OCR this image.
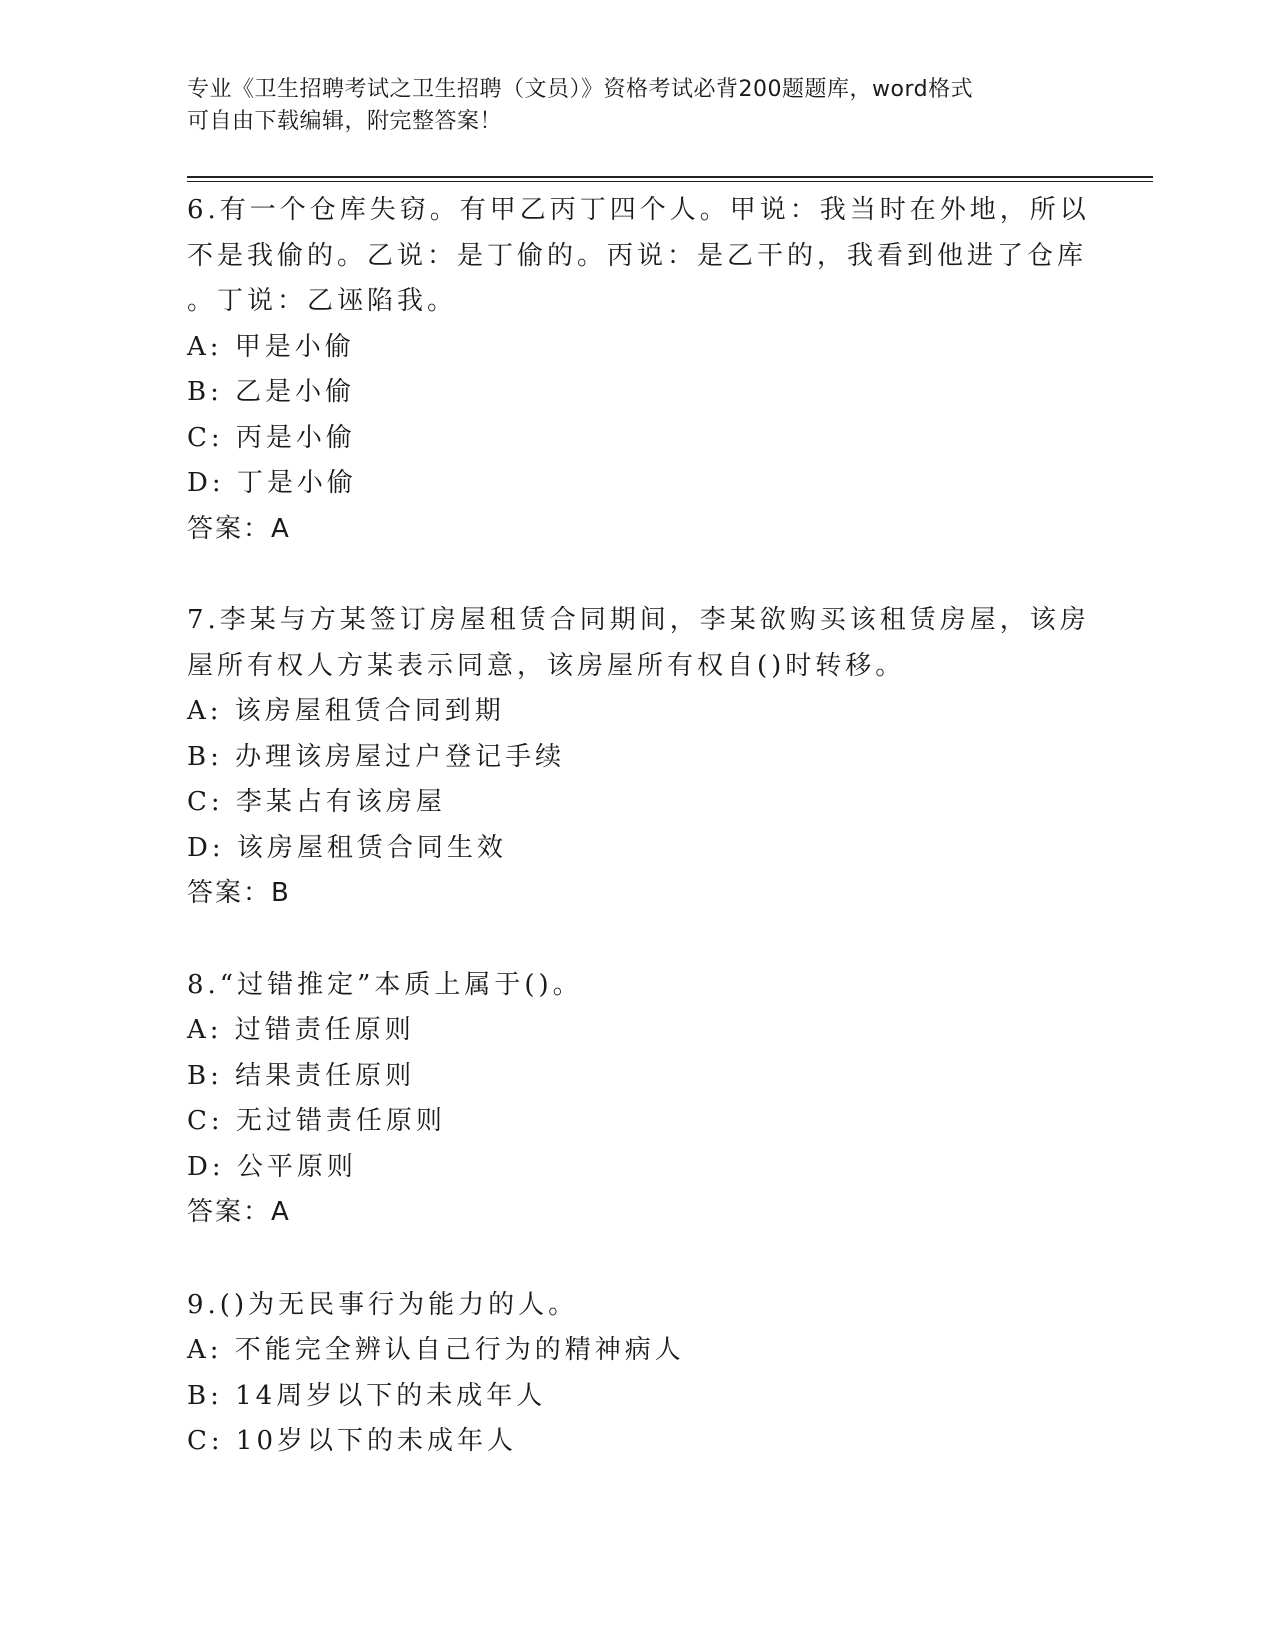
专业《卫生招聘考试之卫生招聘（文员）》资格考试必背200题题库，word格式
可自由下载编辑，附完整答案！
6.有一个仓库失窃。有甲乙丙丁四个人。甲说：我当时在外地，所以
不是我偷的。乙说：是丁偷的。丙说：是乙干的，我看到他进了仓库
。丁说：乙诬陷我。
A: 甲是小偷
B: 乙是小偷
C: 丙是小偷
D: 丁是小偷
答案：A
7.李某与方某签订房屋租赁合同期间，李某欲购买该租赁房屋，该房
屋所有权人方某表示同意，该房屋所有权自()时转移。
A: 该房屋租赁合同到期
B: 办理该房屋过户登记手续
C: 李某占有该房屋
D: 该房屋租赁合同生效
答案：B
8.“过错推定”本质上属于()。
A: 过错责任原则
B: 结果责任原则
C: 无过错责任原则
D: 公平原则
答案：A
9.()为无民事行为能力的人。
A: 不能完全辨认自己行为的精神病人
B: 14周岁以下的未成年人
C: 10岁以下的未成年人
